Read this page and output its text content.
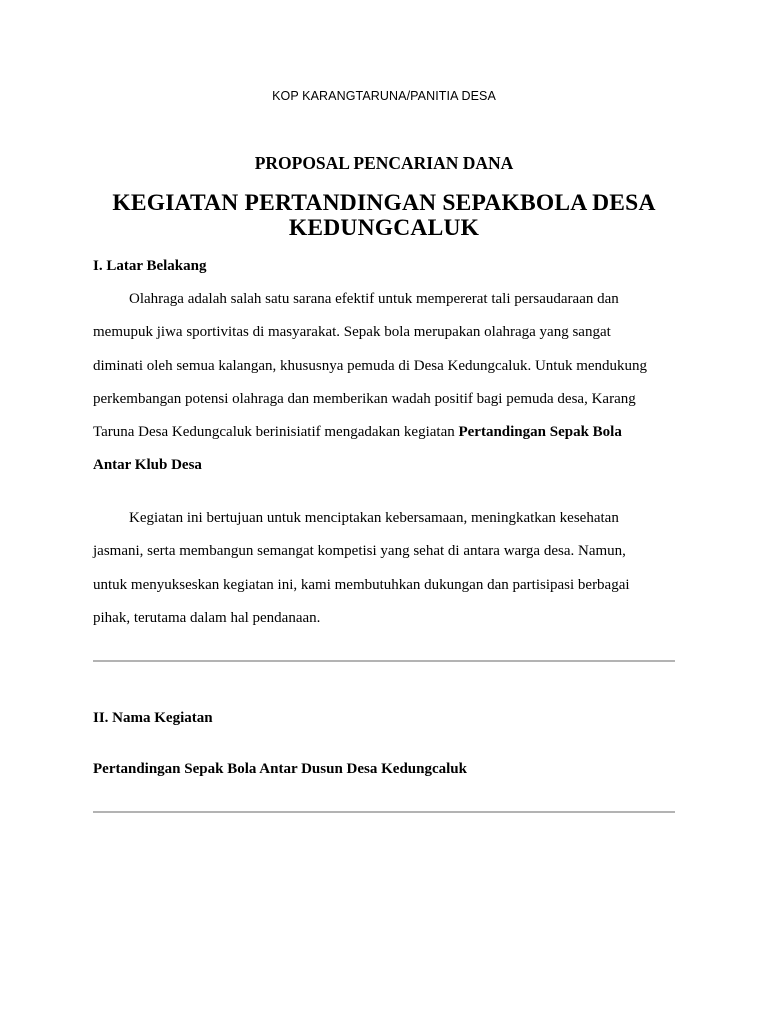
KOP KARANGTARUNA/PANITIA DESA
PROPOSAL PENCARIAN DANA
KEGIATAN PERTANDINGAN SEPAKBOLA DESA
KEDUNGCALUK
I. Latar Belakang
Olahraga adalah salah satu sarana efektif untuk mempererat tali persaudaraan dan
memupuk jiwa sportivitas di masyarakat. Sepak bola merupakan olahraga yang sangat
diminati oleh semua kalangan, khususnya pemuda di Desa Kedungcaluk. Untuk mendukung
perkembangan potensi olahraga dan memberikan wadah positif bagi pemuda desa, Karang
Taruna Desa Kedungcaluk berinisiatif mengadakan kegiatan Pertandingan Sepak Bola
Antar Klub Desa
Kegiatan ini bertujuan untuk menciptakan kebersamaan, meningkatkan kesehatan
jasmani, serta membangun semangat kompetisi yang sehat di antara warga desa. Namun,
untuk menyukseskan kegiatan ini, kami membutuhkan dukungan dan partisipasi berbagai
pihak, terutama dalam hal pendanaan.
II. Nama Kegiatan
Pertandingan Sepak Bola Antar Dusun Desa Kedungcaluk
